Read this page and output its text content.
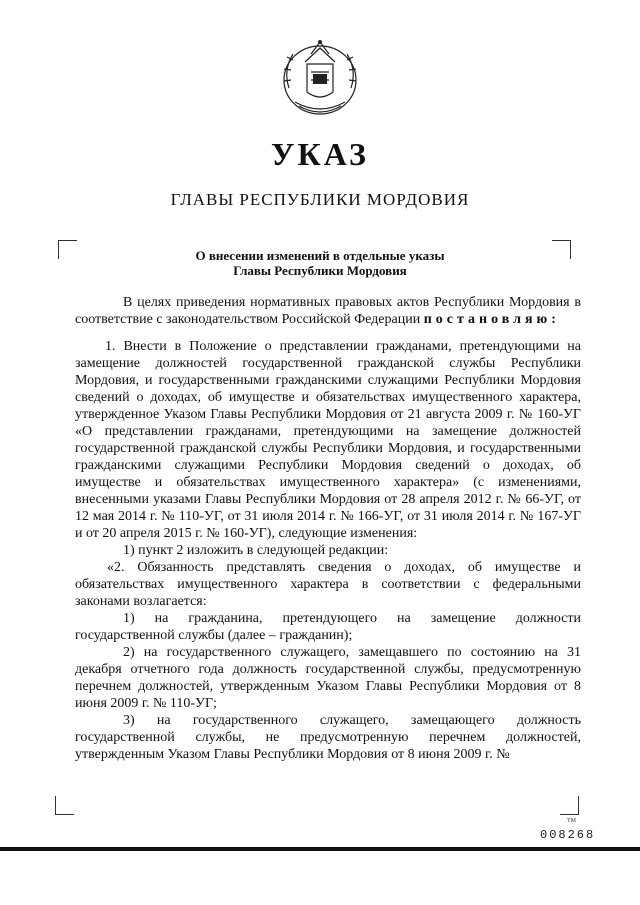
УКАЗ
ГЛАВЫ РЕСПУБЛИКИ МОРДОВИЯ
О внесении изменений в отдельные указы
Главы Республики Мордовия

В целях приведения нормативных правовых актов Республики Мордовия в соответствие с законодательством Российской Федерации постановляю:

1. Внести в Положение о представлении гражданами, претендующими на замещение должностей государственной гражданской службы Республики Мордовия, и государственными гражданскими служащими Республики Мордовия сведений о доходах, об имуществе и обязательствах имущественного характера, утвержденное Указом Главы Республики Мордовия от 21 августа 2009 г. № 160-УГ «О представлении гражданами, претендующими на замещение должностей государственной гражданской службы Республики Мордовия, и государственными гражданскими служащими Республики Мордовия сведений о доходах, об имуществе и обязательствах имущественного характера» (с изменениями, внесенными указами Главы Республики Мордовия от 28 апреля 2012 г. № 66-УГ, от 12 мая 2014 г. № 110-УГ, от 31 июля 2014 г. № 166-УГ, от 31 июля 2014 г. № 167-УГ и от 20 апреля 2015 г. № 160-УГ), следующие изменения:

1) пункт 2 изложить в следующей редакции:

«2. Обязанность представлять сведения о доходах, об имуществе и обязательствах имущественного характера в соответствии с федеральными законами возлагается:

1) на гражданина, претендующего на замещение должности государственной службы (далее – гражданин);

2) на государственного служащего, замещавшего по состоянию на 31 декабря отчетного года должность государственной службы, предусмотренную перечнем должностей, утвержденным Указом Главы Республики Мордовия от 8 июня 2009 г. № 110-УГ;

3) на государственного служащего, замещающего должность государственной службы, не предусмотренную перечнем должностей, утвержденным Указом Главы Республики Мордовия от 8 июня 2009 г. №

ТМ
008268
